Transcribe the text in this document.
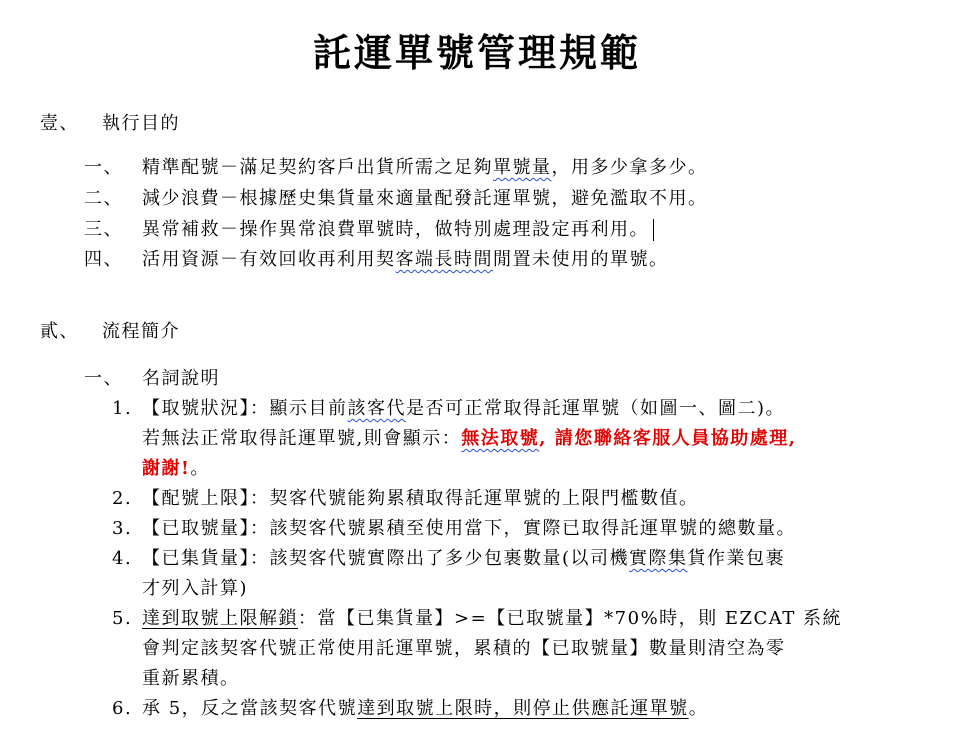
託運單號管理規範
壹、 執行目的
一、 精準配號－滿足契約客戶出貨所需之足夠單號量，用多少拿多少。
二、 減少浪費－根據歷史集貨量來適量配發託運單號，避免濫取不用。
三、 異常補救－操作異常浪費單號時，做特別處理設定再利用。
四、 活用資源－有效回收再利用契客端長時間閒置未使用的單號。
貳、 流程簡介
一、 名詞說明
1. 【取號狀況】：顯示目前該客代是否可正常取得託運單號（如圖一、圖二)。
若無法正常取得託運單號,則會顯示：無法取號, 請您聯絡客服人員協助處理,
謝謝!。
2. 【配號上限】：契客代號能夠累積取得託運單號的上限門檻數值。
3. 【已取號量】：該契客代號累積至使用當下，實際已取得託運單號的總數量。
4. 【已集貨量】：該契客代號實際出了多少包裹數量(以司機實際集貨作業包裹
才列入計算)
5. 達到取號上限解鎖：當【已集貨量】>=【已取號量】*70%時，則 EZCAT 系統
會判定該契客代號正常使用託運單號，累積的【已取號量】數量則清空為零
重新累積。
6. 承 5，反之當該契客代號達到取號上限時，則停止供應託運單號。
